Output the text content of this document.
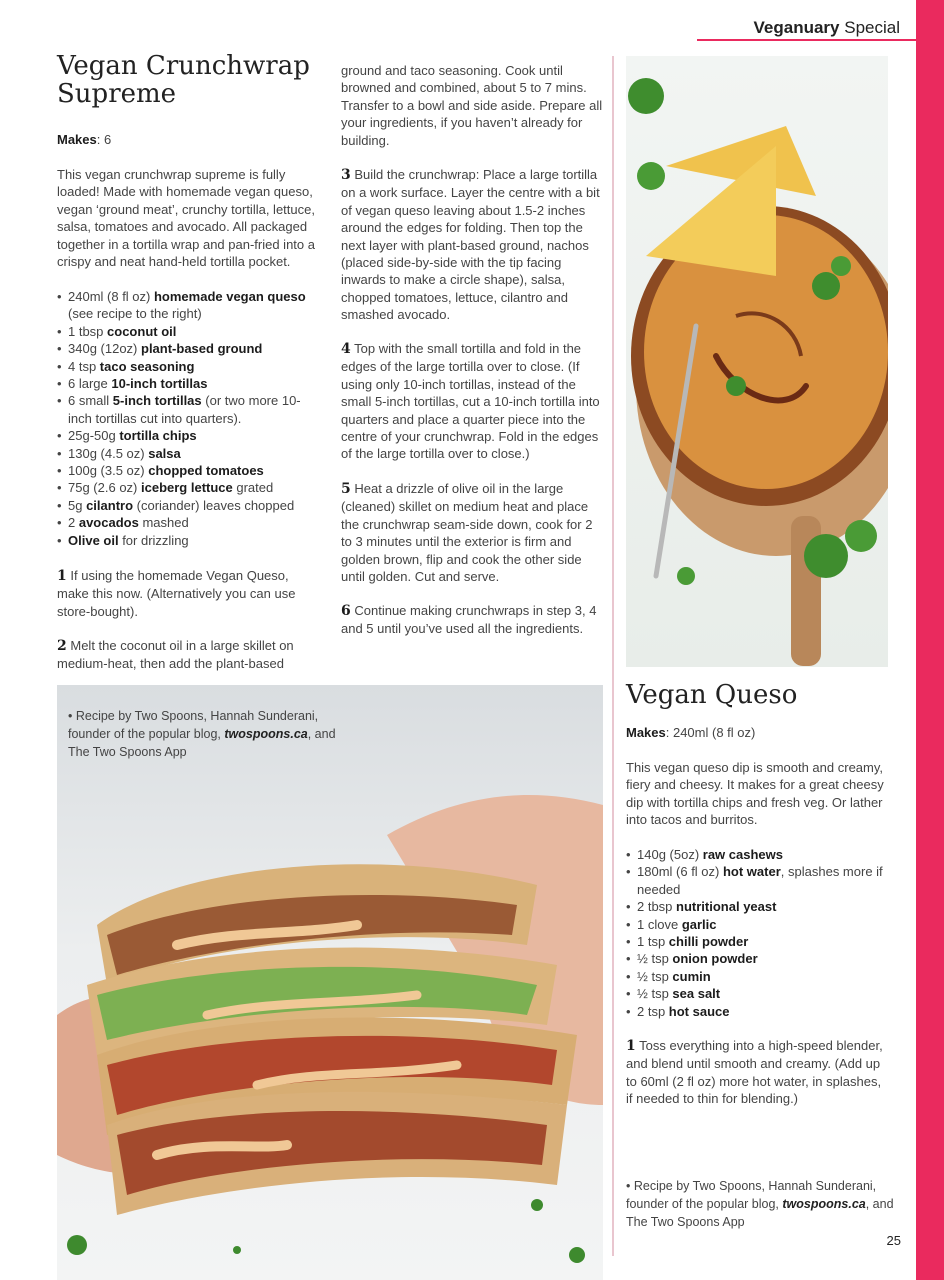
Veganuary Special
Vegan Crunchwrap Supreme
Makes: 6
This vegan crunchwrap supreme is fully loaded! Made with homemade vegan queso, vegan ‘ground meat’, crunchy tortilla, lettuce, salsa, tomatoes and avocado. All packaged together in a tortilla wrap and pan-fried into a crispy and neat hand-held tortilla pocket.
• 240ml (8 fl oz) homemade vegan queso (see recipe to the right)
• 1 tbsp coconut oil
• 340g (12oz) plant-based ground
• 4 tsp taco seasoning
• 6 large 10-inch tortillas
• 6 small 5-inch tortillas (or two more 10-inch tortillas cut into quarters).
• 25g-50g tortilla chips
• 130g (4.5 oz) salsa
• 100g (3.5 oz) chopped tomatoes
• 75g (2.6 oz) iceberg lettuce grated
• 5g cilantro (coriander) leaves chopped
• 2 avocados mashed
• Olive oil for drizzling
1 If using the homemade Vegan Queso, make this now. (Alternatively you can use store-bought).
2 Melt the coconut oil in a large skillet on medium-heat, then add the plant-based
ground and taco seasoning. Cook until browned and combined, about 5 to 7 mins. Transfer to a bowl and side aside. Prepare all your ingredients, if you haven’t already for building.
3 Build the crunchwrap: Place a large tortilla on a work surface. Layer the centre with a bit of vegan queso leaving about 1.5-2 inches around the edges for folding. Then top the next layer with plant-based ground, nachos (placed side-by-side with the tip facing inwards to make a circle shape), salsa, chopped tomatoes, lettuce, cilantro and smashed avocado.
4 Top with the small tortilla and fold in the edges of the large tortilla over to close. (If using only 10-inch tortillas, instead of the small 5-inch tortillas, cut a 10-inch tortilla into quarters and place a quarter piece into the centre of your crunchwrap. Fold in the edges of the large tortilla over to close.)
5 Heat a drizzle of olive oil in the large (cleaned) skillet on medium heat and place the crunchwrap seam-side down, cook for 2 to 3 minutes until the exterior is firm and golden brown, flip and cook the other side until golden. Cut and serve.
6 Continue making crunchwraps in step 3, 4 and 5 until you’ve used all the ingredients.
• Recipe by Two Spoons, Hannah Sunderani, founder of the popular blog, twospoons.ca, and The Two Spoons App
Vegan Queso
Makes: 240ml (8 fl oz)
This vegan queso dip is smooth and creamy, fiery and cheesy. It makes for a great cheesy dip with tortilla chips and fresh veg. Or lather into tacos and burritos.
• 140g (5oz) raw cashews
• 180ml (6 fl oz) hot water, splashes more if needed
• 2 tbsp nutritional yeast
• 1 clove garlic
• 1 tsp chilli powder
• ½ tsp onion powder
• ½ tsp cumin
• ½ tsp sea salt
• 2 tsp hot sauce
1 Toss everything into a high-speed blender, and blend until smooth and creamy. (Add up to 60ml (2 fl oz) more hot water, in splashes, if needed to thin for blending.)
• Recipe by Two Spoons, Hannah Sunderani, founder of the popular blog, twospoons.ca, and The Two Spoons App
25
